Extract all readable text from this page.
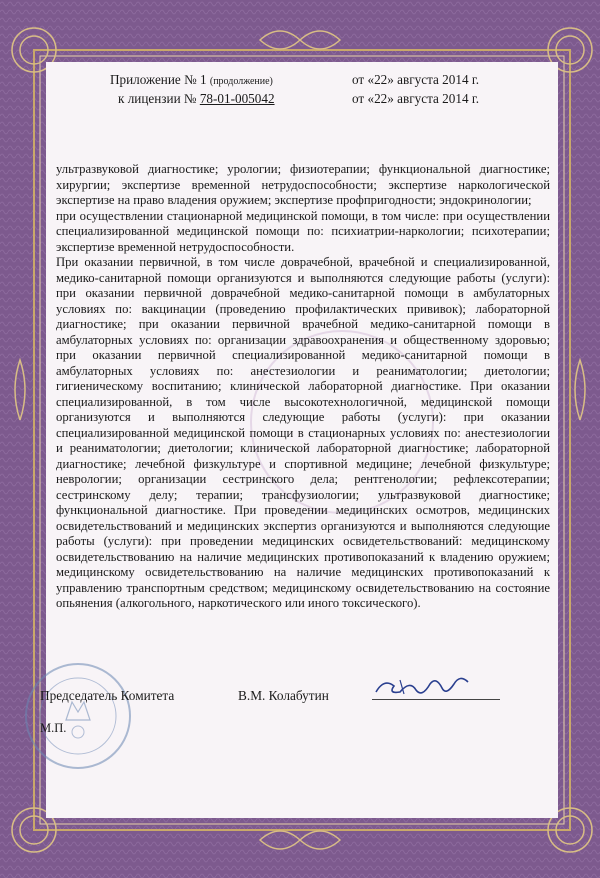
Приложение № 1 (продолжение)	от «22» августа 2014 г.
к лицензии № 78-01-005042	от «22» августа 2014 г.

ультразвуковой диагностике; урологии; физиотерапии; функциональной диагностике; хирургии; экспертизе временной нетрудоспособности; экспертизе наркологической экспертизе на право владения оружием; экспертизе профпригодности; эндокринологии;

при осуществлении стационарной медицинской помощи, в том числе: при осуществлении специализированной медицинской помощи по: психиатрии-наркологии; психотерапии; экспертизе временной нетрудоспособности.

При оказании первичной, в том числе доврачебной, врачебной и специализированной, медико-санитарной помощи организуются и выполняются следующие работы (услуги): при оказании первичной доврачебной медико-санитарной помощи в амбулаторных условиях по: вакцинации (проведению профилактических прививок); лабораторной диагностике; при оказании первичной врачебной медико-санитарной помощи в амбулаторных условиях по: организации здравоохранения и общественному здоровью; при оказании первичной специализированной медико-санитарной помощи в амбулаторных условиях по: анестезиологии и реаниматологии; диетологии; гигиеническому воспитанию; клинической лабораторной диагностике. При оказании специализированной, в том числе высокотехнологичной, медицинской помощи организуются и выполняются следующие работы (услуги): при оказании специализированной медицинской помощи в стационарных условиях по: анестезиологии и реаниматологии; диетологии; клинической лабораторной диагностике; лабораторной диагностике; лечебной физкультуре и спортивной медицине; лечебной физкультуре; неврологии; организации сестринского дела; рентгенологии; рефлексотерапии; сестринскому делу; терапии; трансфузиологии; ультразвуковой диагностике; функциональной диагностике. При проведении медицинских осмотров, медицинских освидетельствований и медицинских экспертиз организуются и выполняются следующие работы (услуги): при проведении медицинских освидетельствований: медицинскому освидетельствованию на наличие медицинских противопоказаний к владению оружием; медицинскому освидетельствованию на наличие медицинских противопоказаний к управлению транспортным средством; медицинскому освидетельствованию на состояние опьянения (алкогольного, наркотического или иного токсического).

Председатель Комитета	В.М. Колабутин
М.П.
